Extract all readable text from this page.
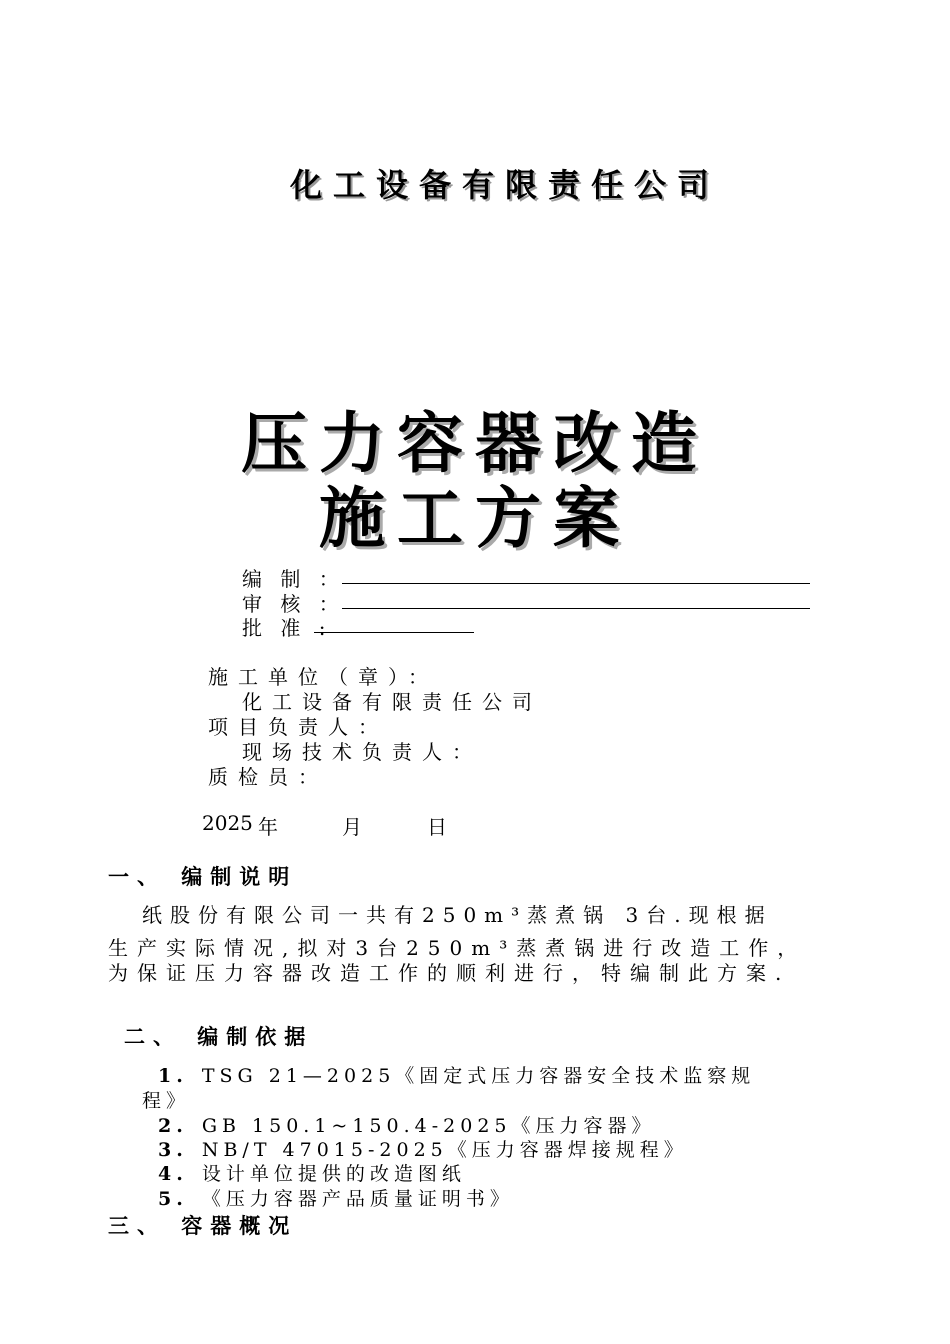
化工设备有限责任公司
压力容器改造
施工方案
编 制 ：
审 核 ：
批 准 :
施工单位（章）：
化工设备有限责任公司
项目负责人：
现场技术负责人：
质检员：
2025 年	月	日
一、 编制说明
纸股份有限公司一共有250m³蒸煮锅 3台.现根据
生产实际情况,拟对3台250m³蒸煮锅进行改造工作，为保证压力容器改造工作的顺利进行，特编制此方案.
二、 编制依据
1. TSG 21—2025《固定式压力容器安全技术监察规
程》
2. GB 150.1~150.4-2025《压力容器》
3. NB/T 47015-2025《压力容器焊接规程》
4. 设计单位提供的改造图纸
5. 《压力容器产品质量证明书》
三、 容器概况
